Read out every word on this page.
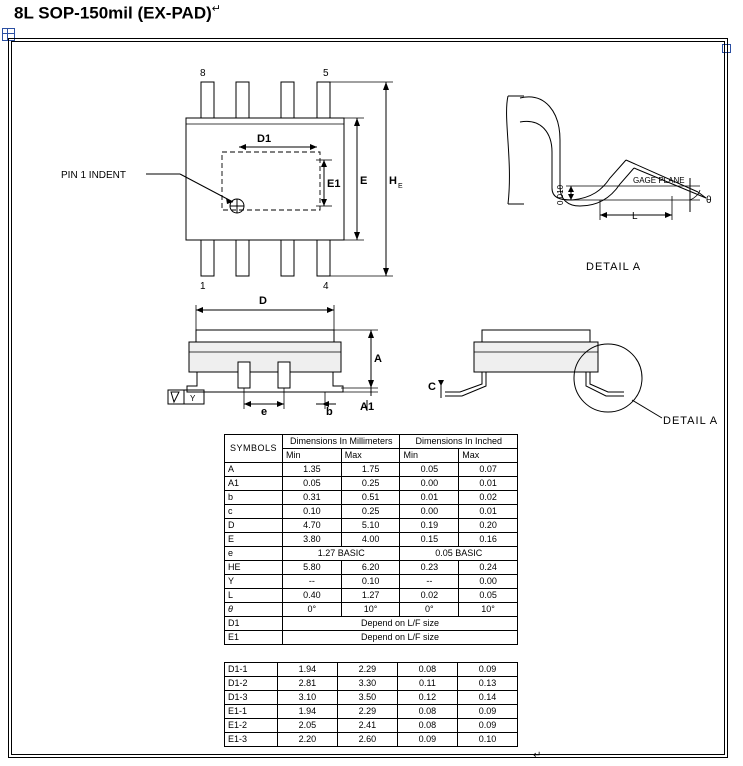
8L SOP-150mil (EX-PAD)↵
8	5
1	4
PIN 1 INDENT
D1
E1 E H E
GAGE PLANE
0.010
L
θ
DETAIL A
D
A
A1
e	b
Y
C
DETAIL A
SYMBOLS	Dimensions In Millimeters		Dimensions In Inched	
	Min	Max	Min	Max
A	1.35	1.75	0.05	0.07
A1	0.05	0.25	0.00	0.01
b	0.31	0.51	0.01	0.02
c	0.10	0.25	0.00	0.01
D	4.70	5.10	0.19	0.20
E	3.80	4.00	0.15	0.16
e	1.27 BASIC		0.05 BASIC	
HЕ	5.80	6.20	0.23	0.24
Y	--	0.10	--	0.00
L	0.40	1.27	0.02	0.05
θ	0°	10°	0°	10°
D1	Depend on L/F size			
E1	Depend on L/F size			
D1-1	1.94	2.29	0.08	0.09
D1-2	2.81	3.30	0.11	0.13
D1-3	3.10	3.50	0.12	0.14
E1-1	1.94	2.29	0.08	0.09
E1-2	2.05	2.41	0.08	0.09
E1-3	2.20	2.60	0.09	0.10
↵
